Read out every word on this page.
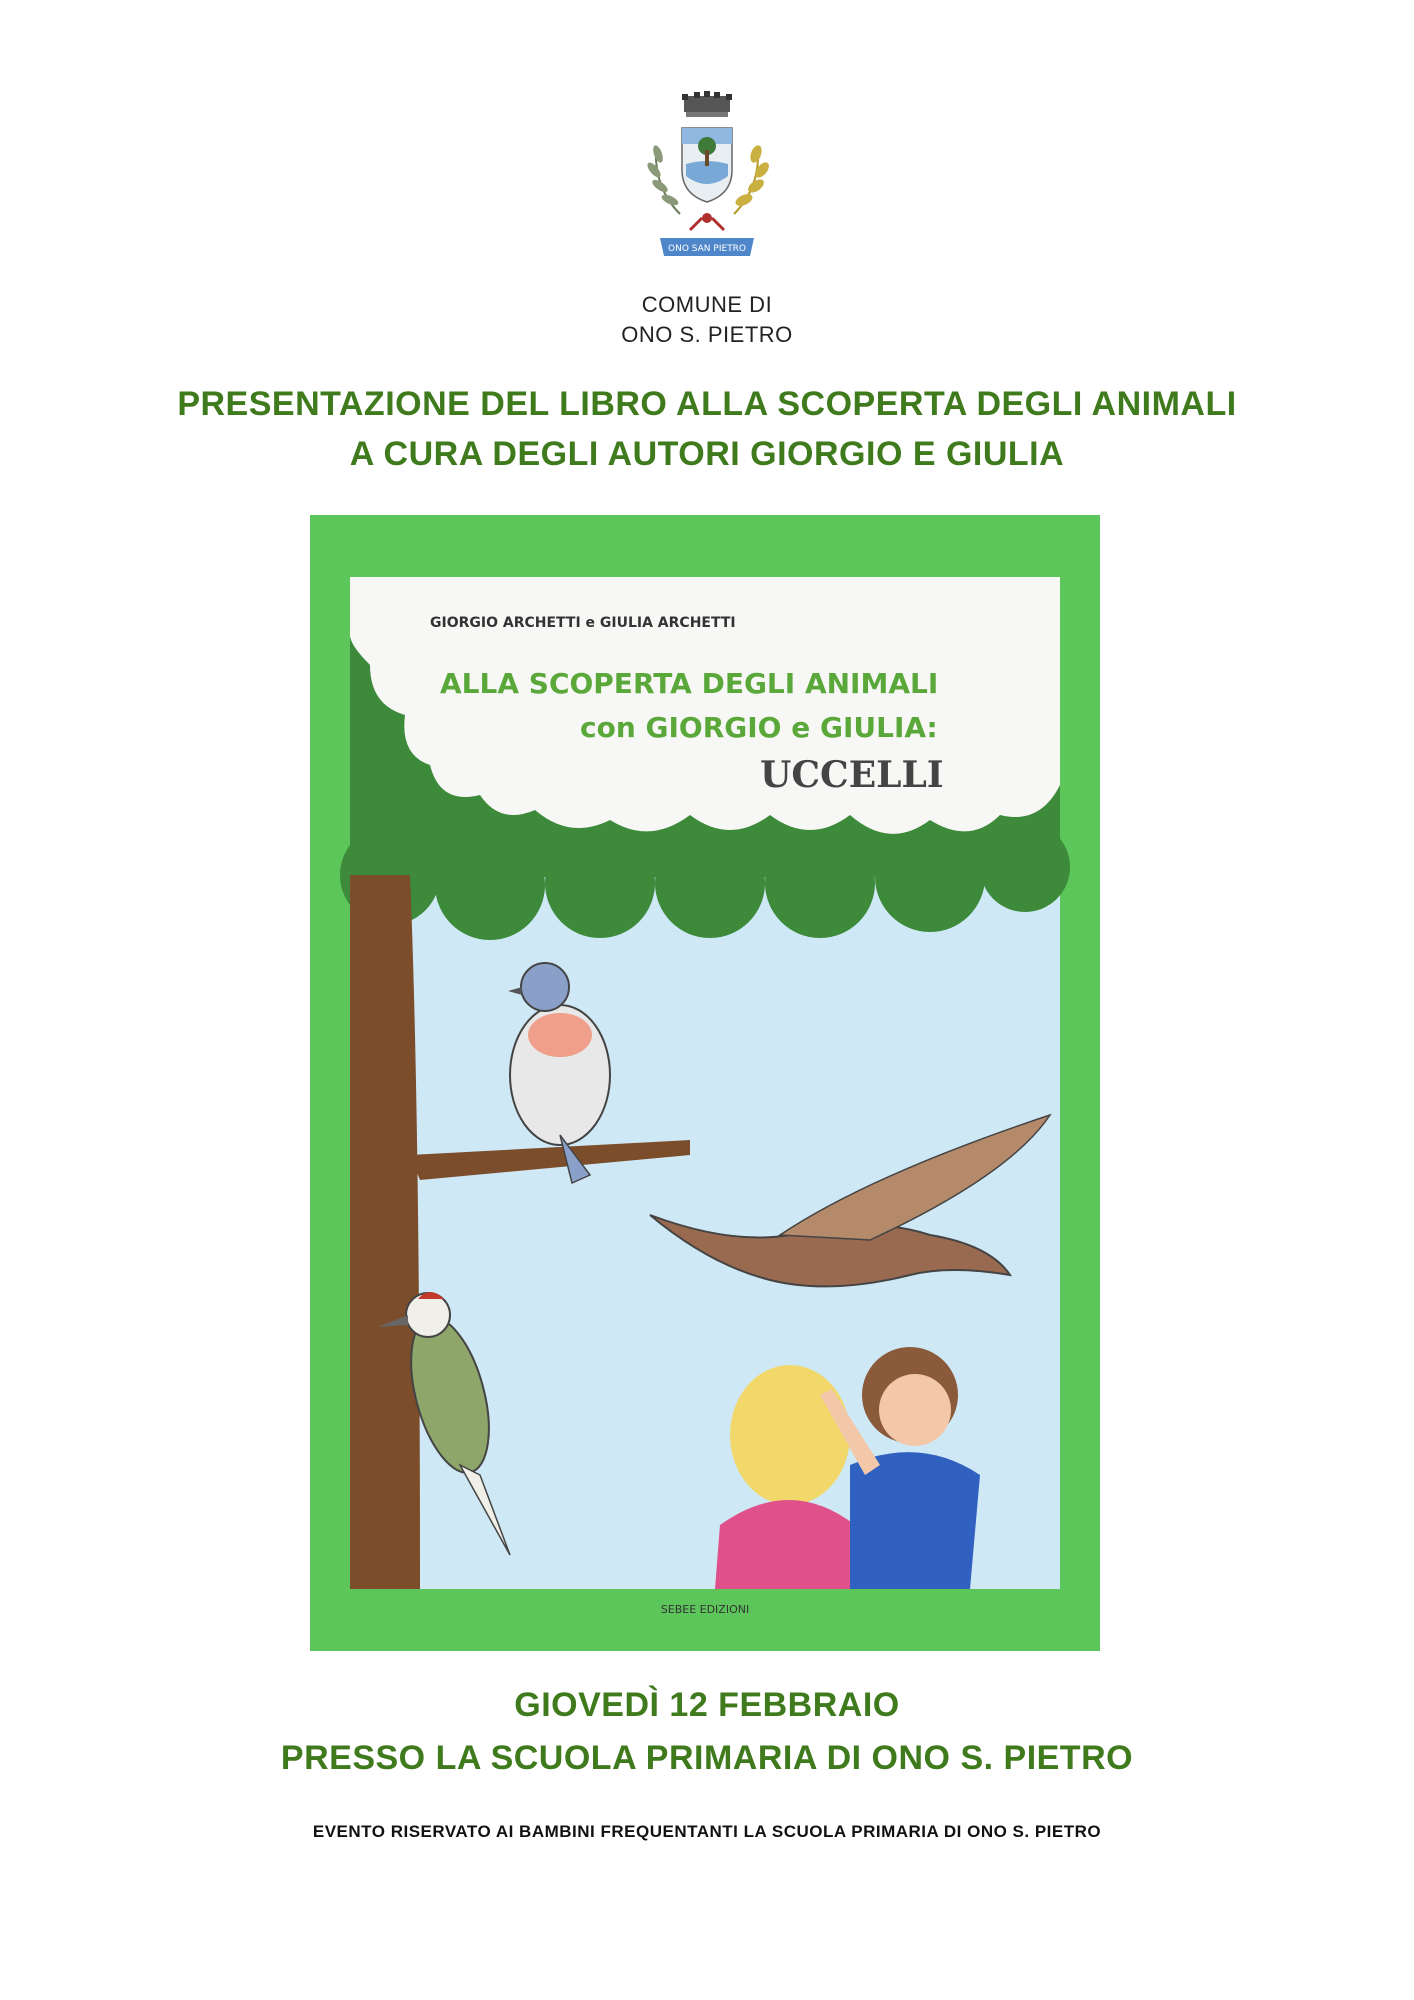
ONO SAN PIETRO
COMUNE DI
ONO S. PIETRO
PRESENTAZIONE DEL LIBRO ALLA SCOPERTA DEGLI ANIMALI
A CURA DEGLI AUTORI GIORGIO E GIULIA
GIORGIO ARCHETTI e GIULIA ARCHETTI
ALLA SCOPERTA DEGLI ANIMALI
con GIORGIO e GIULIA:
UCCELLI
SEBEE EDIZIONI
GIOVEDÌ 12 FEBBRAIO
PRESSO LA SCUOLA PRIMARIA DI ONO S. PIETRO
EVENTO RISERVATO AI BAMBINI FREQUENTANTI LA SCUOLA PRIMARIA DI ONO S. PIETRO
